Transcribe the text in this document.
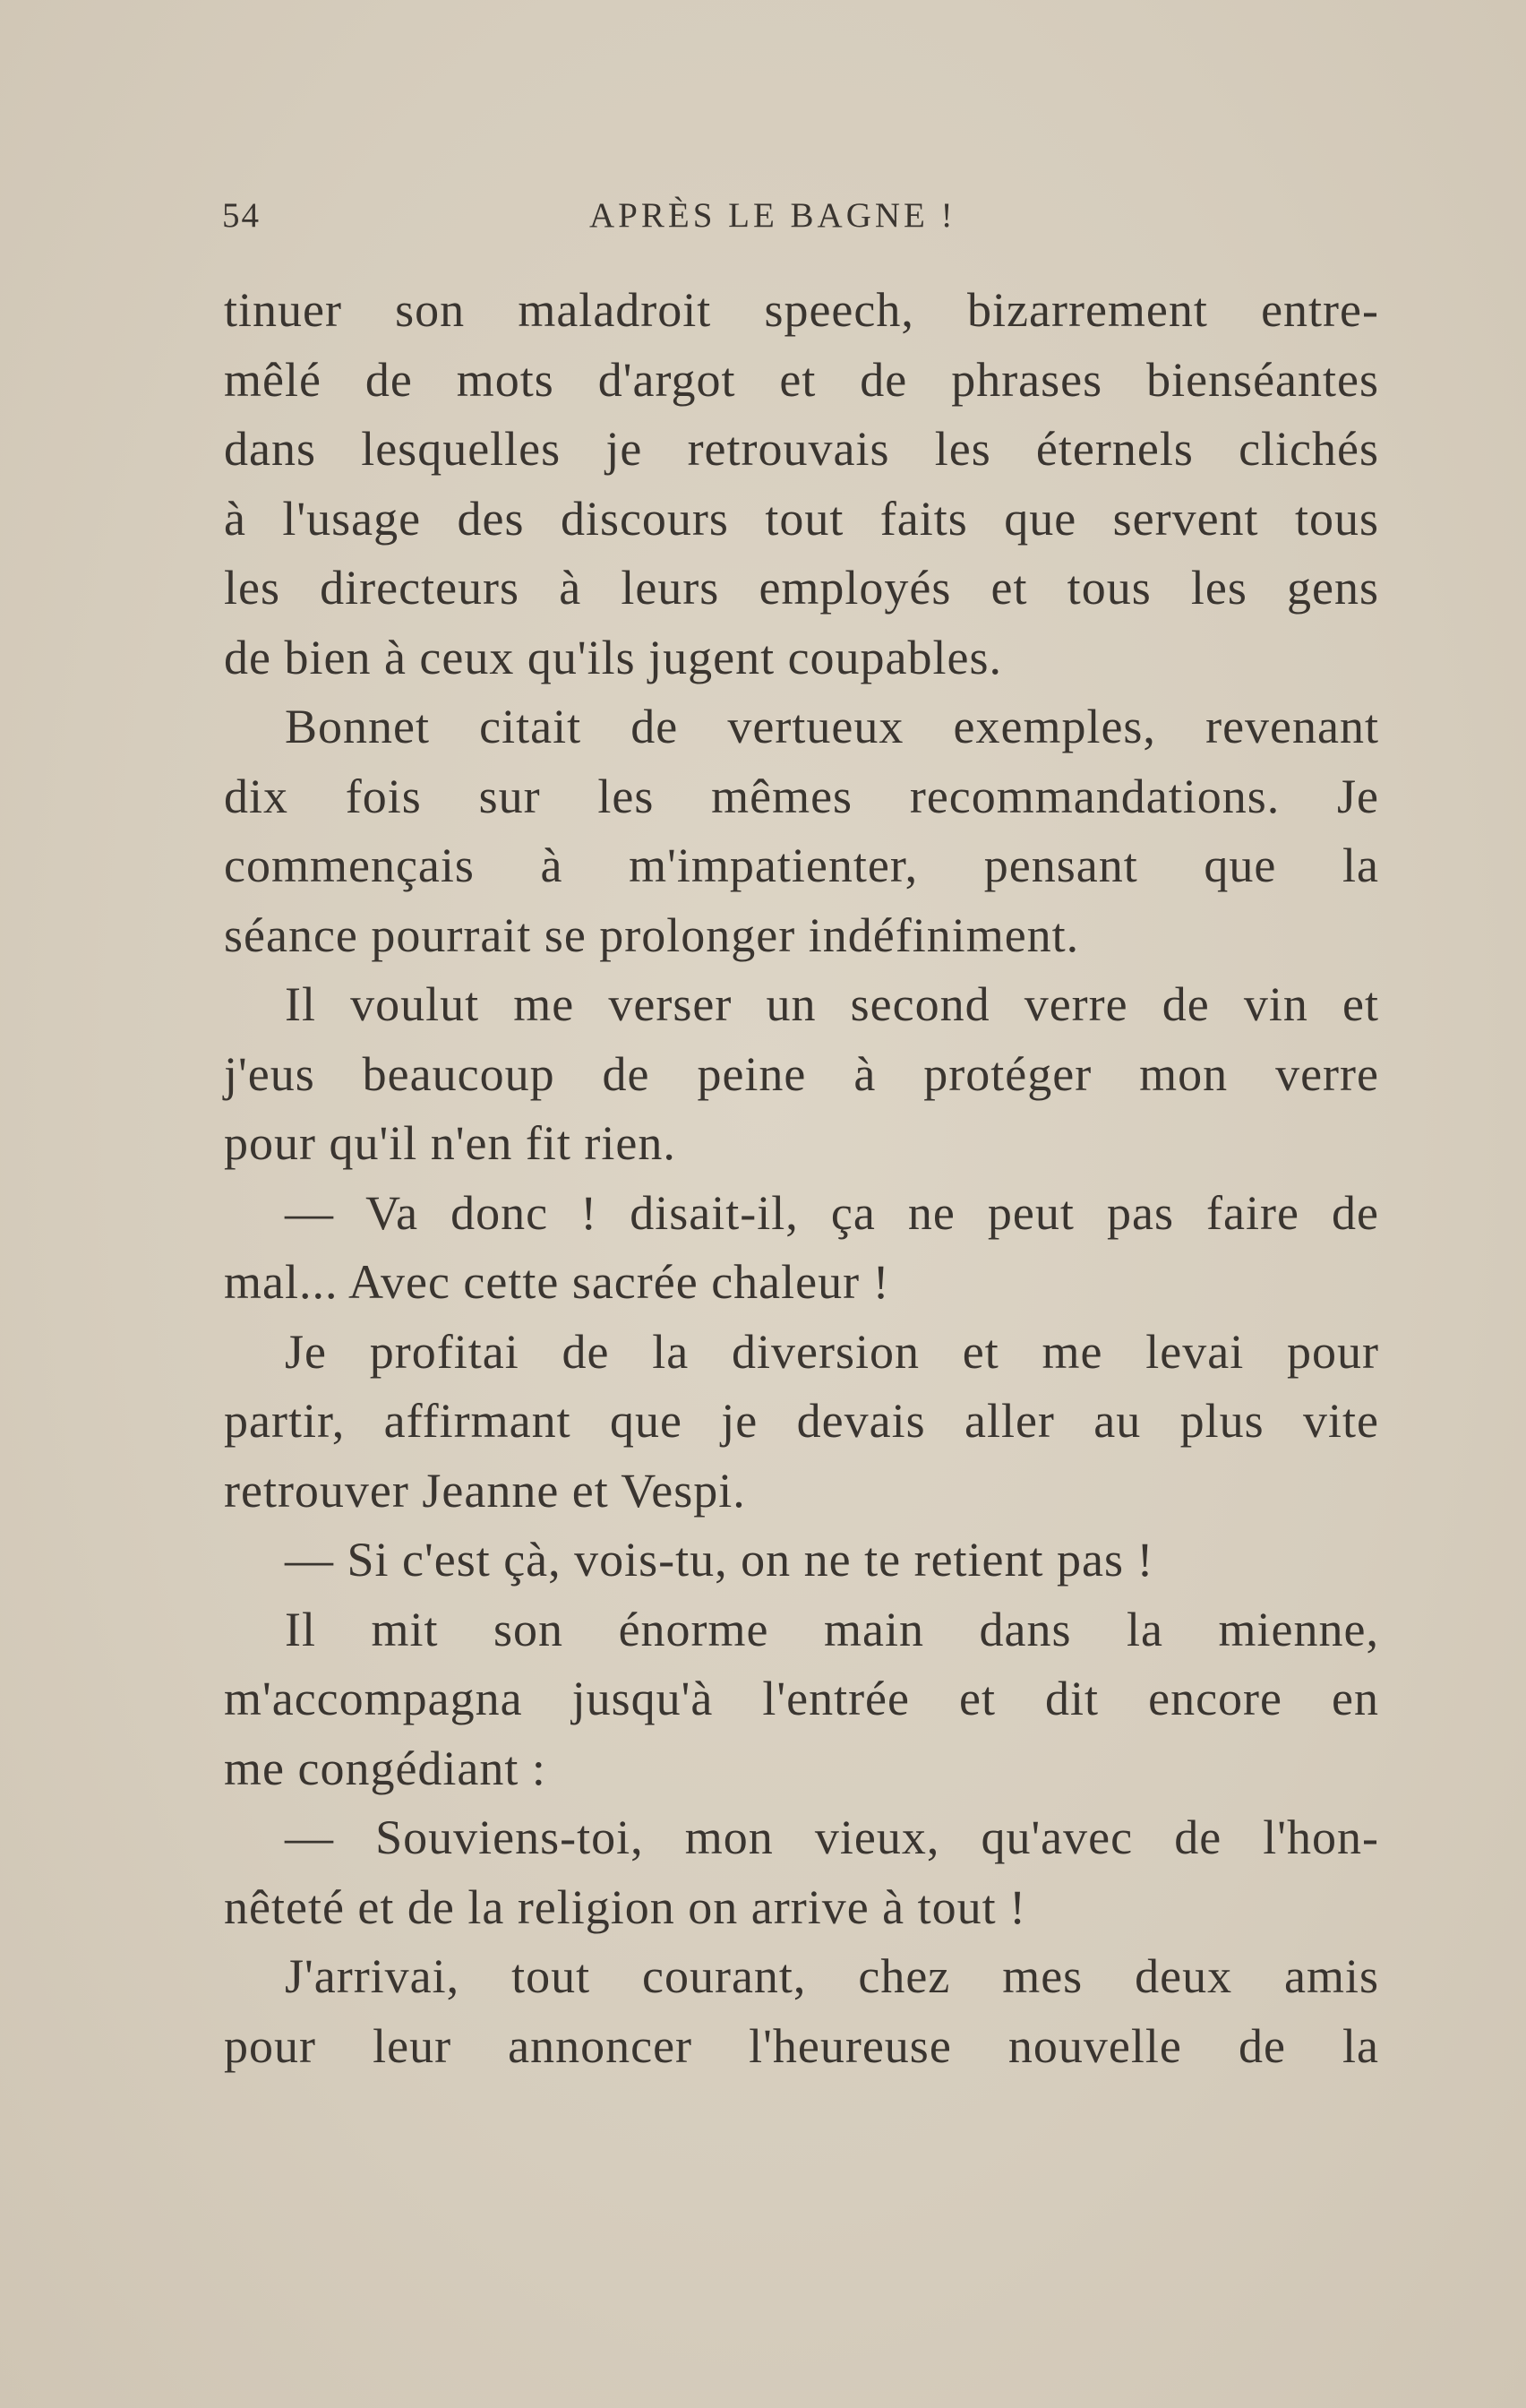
54	APRÈS LE BAGNE !
tinuer son maladroit speech, bizarrement entre-
mêlé de mots d'argot et de phrases bienséantes
dans lesquelles je retrouvais les éternels clichés
à l'usage des discours tout faits que servent tous
les directeurs à leurs employés et tous les gens
de bien à ceux qu'ils jugent coupables.
Bonnet citait de vertueux exemples, revenant
dix fois sur les mêmes recommandations. Je
commençais à m'impatienter, pensant que la
séance pourrait se prolonger indéfiniment.
Il voulut me verser un second verre de vin et
j'eus beaucoup de peine à protéger mon verre
pour qu'il n'en fit rien.
— Va donc ! disait-il, ça ne peut pas faire de
mal... Avec cette sacrée chaleur !
Je profitai de la diversion et me levai pour
partir, affirmant que je devais aller au plus vite
retrouver Jeanne et Vespi.
— Si c'est çà, vois-tu, on ne te retient pas !
Il mit son énorme main dans la mienne,
m'accompagna jusqu'à l'entrée et dit encore en
me congédiant :
— Souviens-toi, mon vieux, qu'avec de l'hon-
nêteté et de la religion on arrive à tout !
J'arrivai, tout courant, chez mes deux amis
pour leur annoncer l'heureuse nouvelle de la
